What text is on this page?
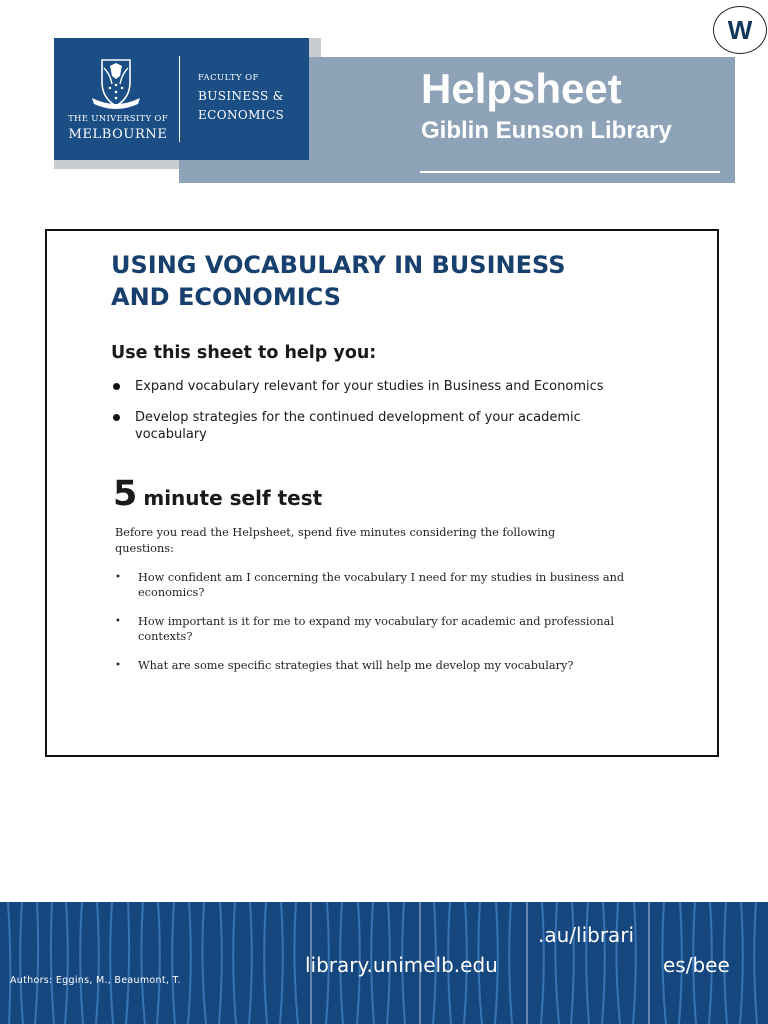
W
THE UNIVERSITY OF
MELBOURNE
FACULTY OF
BUSINESS &
ECONOMICS
Helpsheet
Giblin Eunson Library
USING VOCABULARY IN BUSINESS AND ECONOMICS
Use this sheet to help you:
Expand vocabulary relevant for your studies in Business and Economics
Develop strategies for the continued development of your academic vocabulary
5 minute self test
Before you read the Helpsheet, spend five minutes considering the following questions:
• How confident am I concerning the vocabulary I need for my studies in business and economics?
• How important is it for me to expand my vocabulary for academic and professional contexts?
• What are some specific strategies that will help me develop my vocabulary?
Authors: Eggins, M., Beaumont, T.
library.unimelb.edu
.au/librari
es/bee
